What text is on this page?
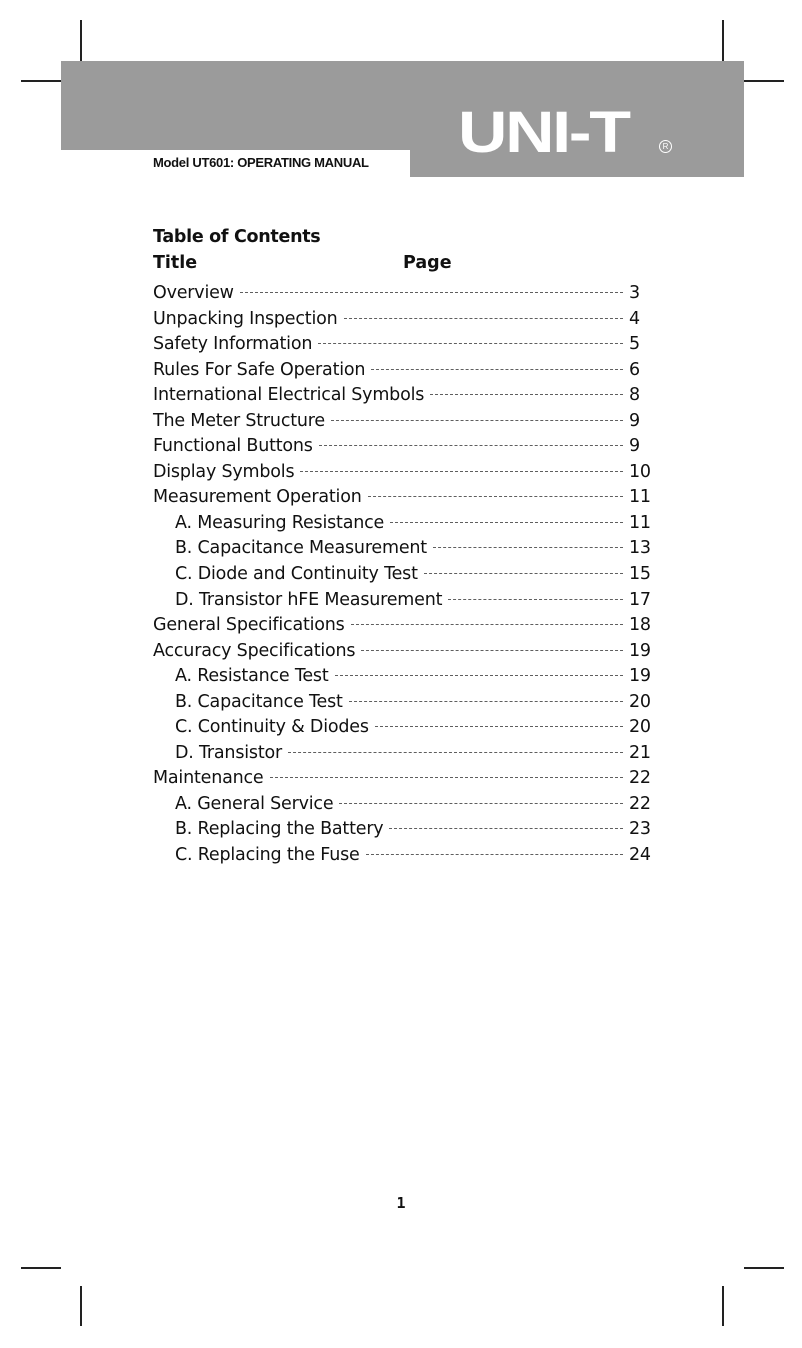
Model UT601: OPERATING MANUAL UNI-T	R
Table of Contents
Title	Page
Overview	3
Unpacking Inspection	4
Safety Information	5
Rules For Safe Operation	6
International Electrical Symbols	8
The Meter Structure	9
Functional Buttons	9
Display Symbols	10
Measurement Operation	11
A. Measuring Resistance	11
B. Capacitance Measurement	13
C. Diode and Continuity Test	15
D. Transistor hFE Measurement	17
General Specifications	18
Accuracy Specifications	19
A. Resistance Test	19
B. Capacitance Test	20
C. Continuity & Diodes	20
D. Transistor	21
Maintenance	22
A. General Service	22
B. Replacing the Battery	23
C. Replacing the Fuse	24
1
